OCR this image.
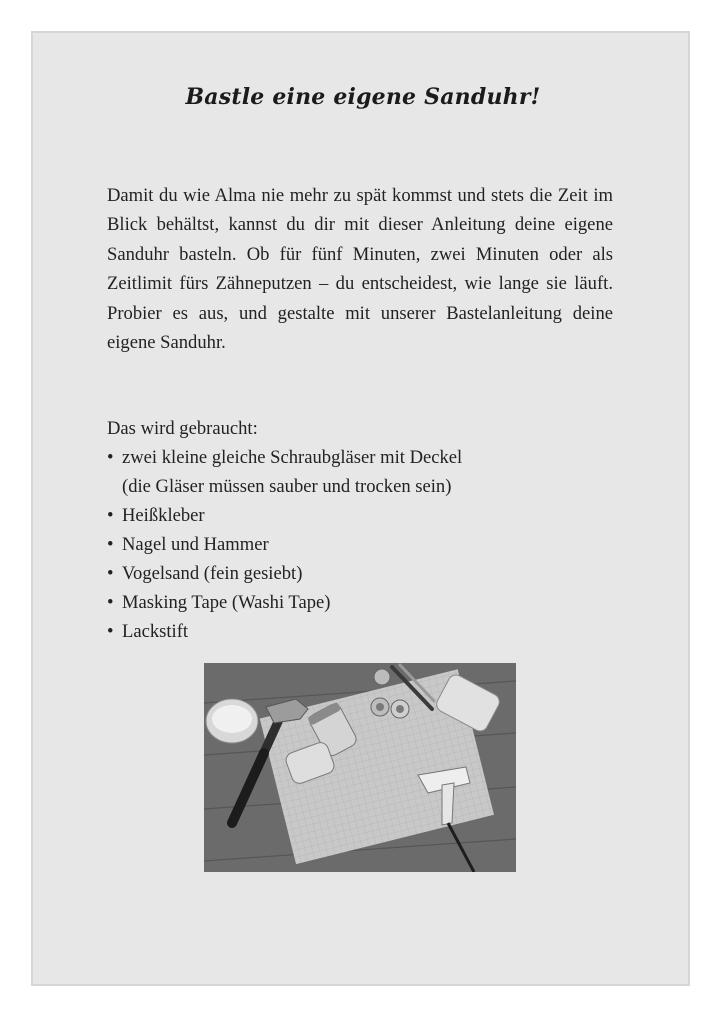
Bastle eine eigene Sanduhr!
Damit du wie Alma nie mehr zu spät kommst und stets die Zeit im Blick behältst, kannst du dir mit dieser Anleitung deine eigene Sanduhr basteln. Ob für fünf Minuten, zwei Minuten oder als Zeitlimit fürs Zähneputzen – du entscheidest, wie lange sie läuft. Probier es aus, und gestalte mit unserer Bastelanleitung deine eigene Sanduhr.
Das wird gebraucht:
• zwei kleine gleiche Schraubgläser mit Deckel
(die Gläser müssen sauber und trocken sein)
• Heißkleber
• Nagel und Hammer
• Vogelsand (fein gesiebt)
• Masking Tape (Washi Tape)
• Lackstift
